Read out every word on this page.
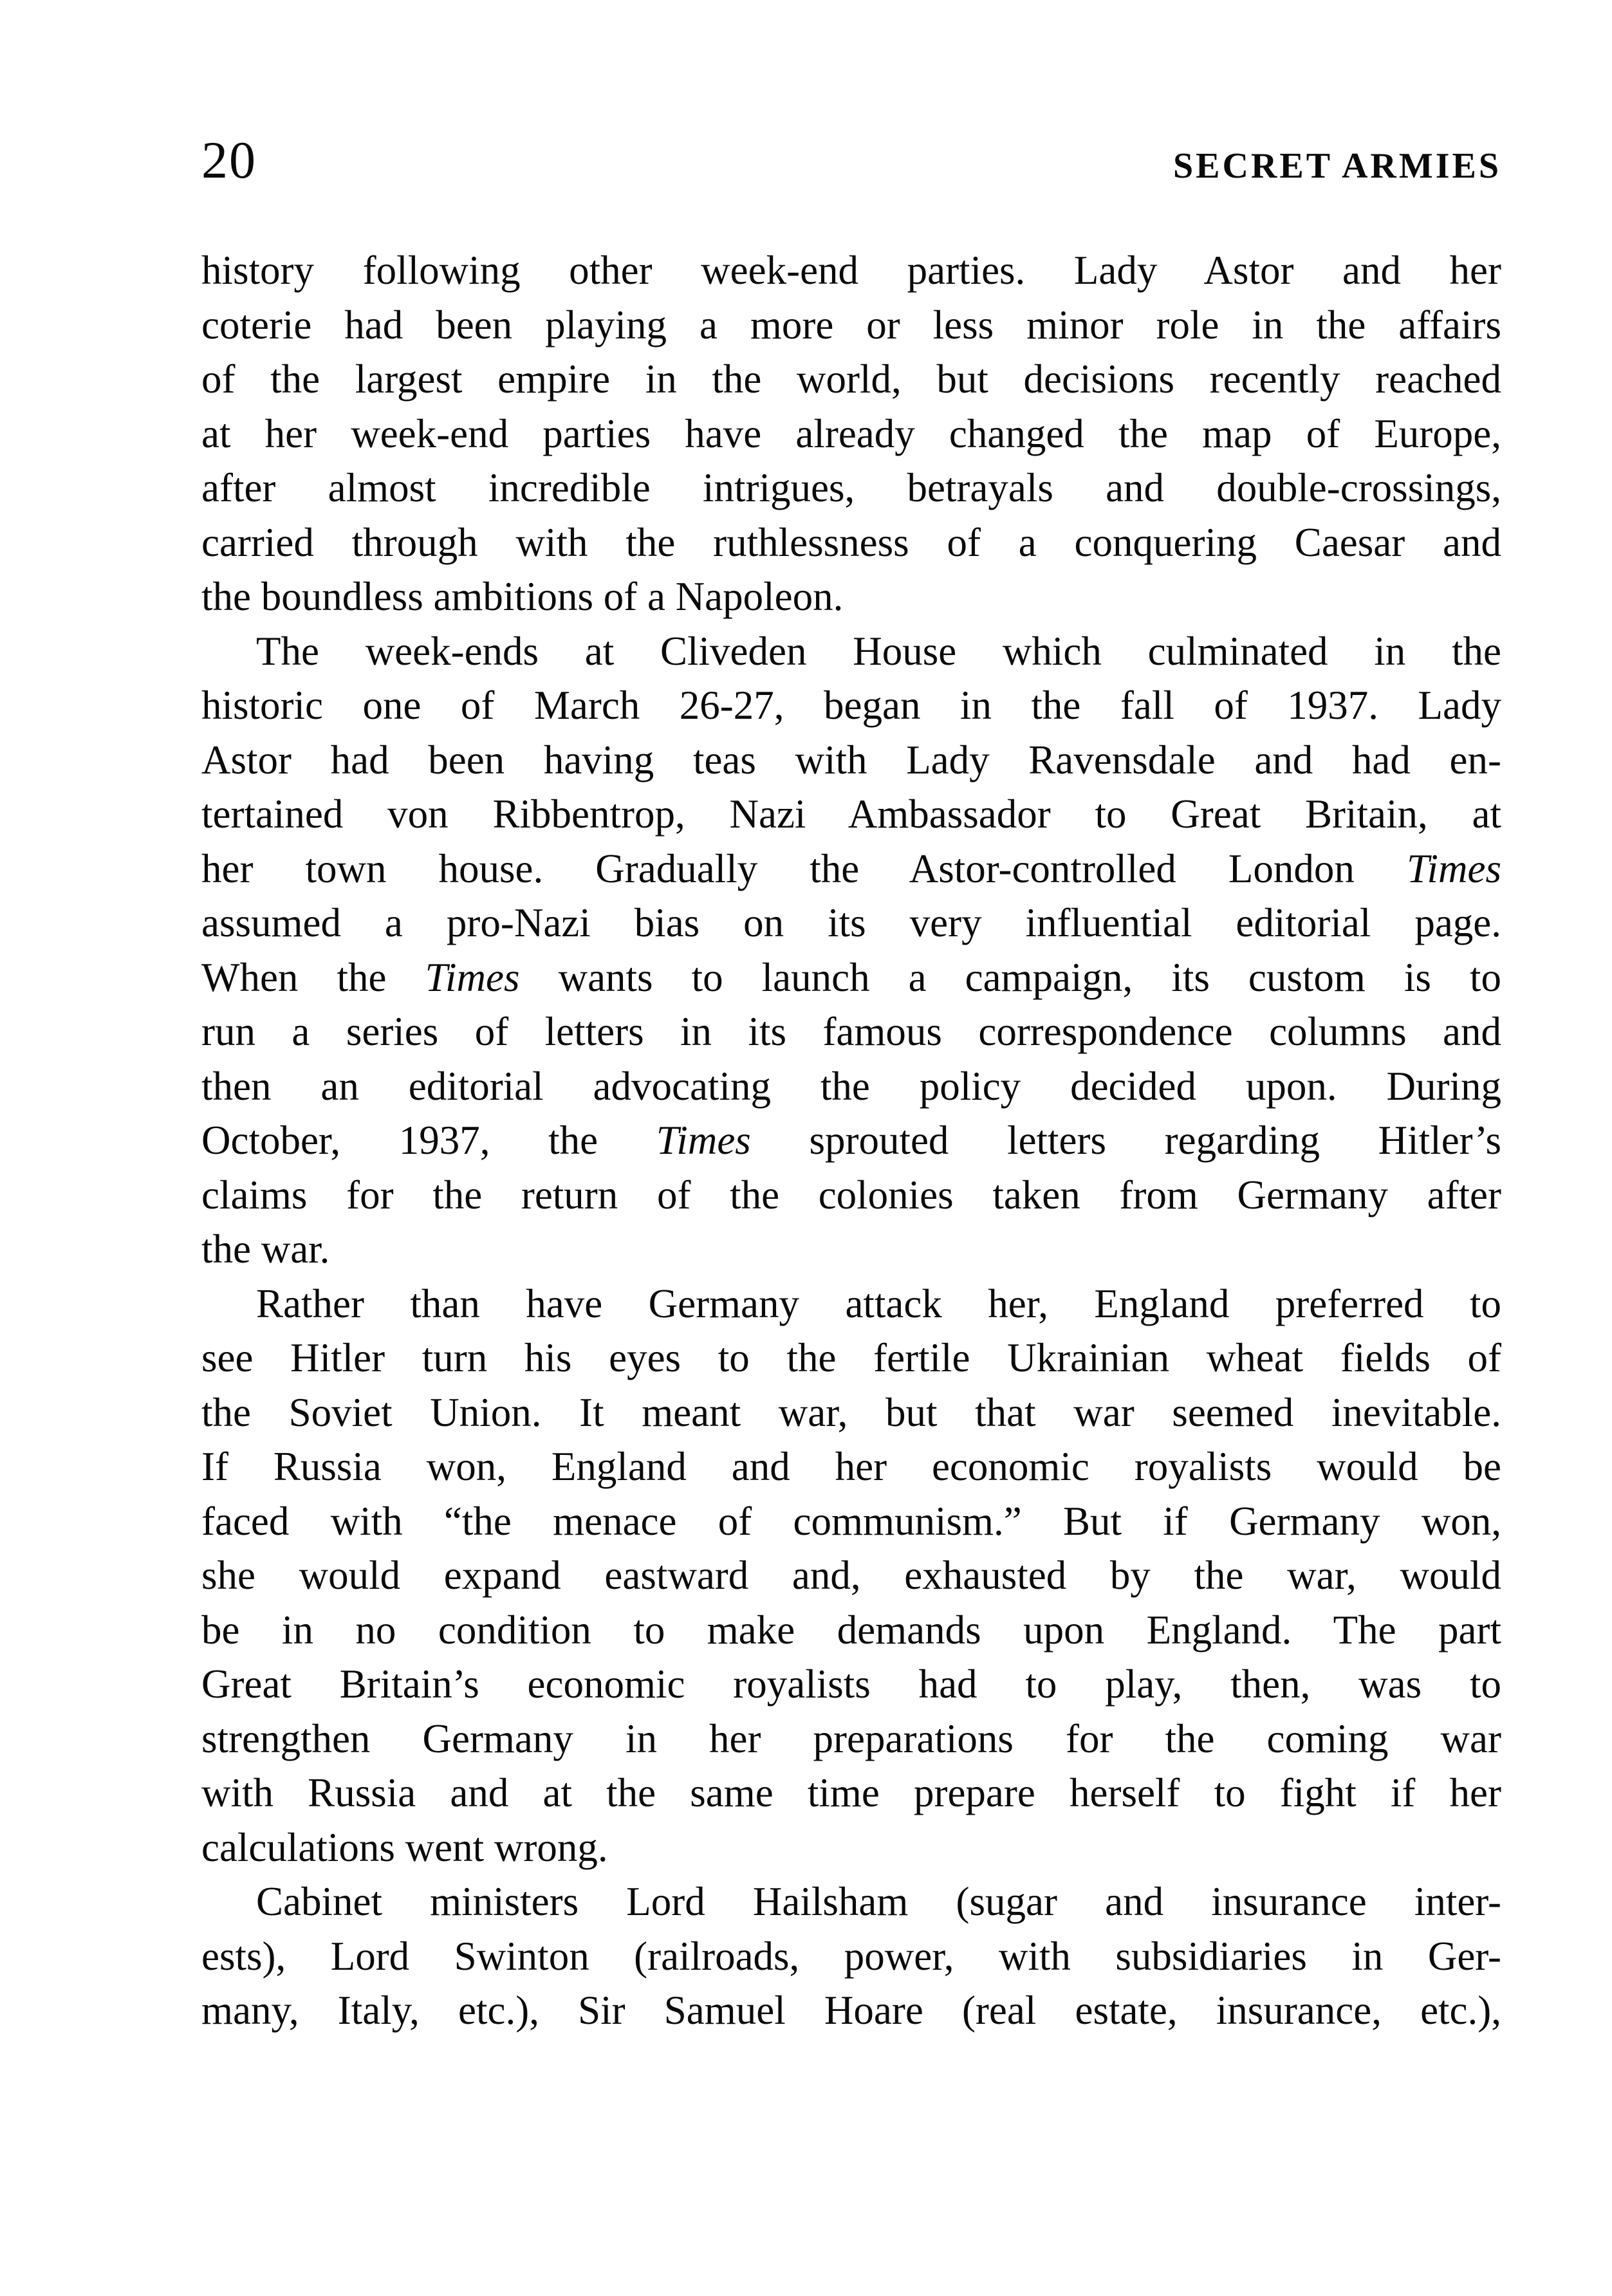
20	SECRET ARMIES
history following other week-end parties. Lady Astor and her
coterie had been playing a more or less minor role in the affairs
of the largest empire in the world, but decisions recently reached
at her week-end parties have already changed the map of Europe,
after almost incredible intrigues, betrayals and double-crossings,
carried through with the ruthlessness of a conquering Caesar and
the boundless ambitions of a Napoleon.
The week-ends at Cliveden House which culminated in the
historic one of March 26-27, began in the fall of 1937. Lady
Astor had been having teas with Lady Ravensdale and had en-
tertained von Ribbentrop, Nazi Ambassador to Great Britain, at
her town house. Gradually the Astor-controlled London Times
assumed a pro-Nazi bias on its very influential editorial page.
When the Times wants to launch a campaign, its custom is to
run a series of letters in its famous correspondence columns and
then an editorial advocating the policy decided upon. During
October, 1937, the Times sprouted letters regarding Hitler’s
claims for the return of the colonies taken from Germany after
the war.
Rather than have Germany attack her, England preferred to
see Hitler turn his eyes to the fertile Ukrainian wheat fields of
the Soviet Union. It meant war, but that war seemed inevitable.
If Russia won, England and her economic royalists would be
faced with “the menace of communism.” But if Germany won,
she would expand eastward and, exhausted by the war, would
be in no condition to make demands upon England. The part
Great Britain’s economic royalists had to play, then, was to
strengthen Germany in her preparations for the coming war
with Russia and at the same time prepare herself to fight if her
calculations went wrong.
Cabinet ministers Lord Hailsham (sugar and insurance inter-
ests), Lord Swinton (railroads, power, with subsidiaries in Ger-
many, Italy, etc.), Sir Samuel Hoare (real estate, insurance, etc.),
